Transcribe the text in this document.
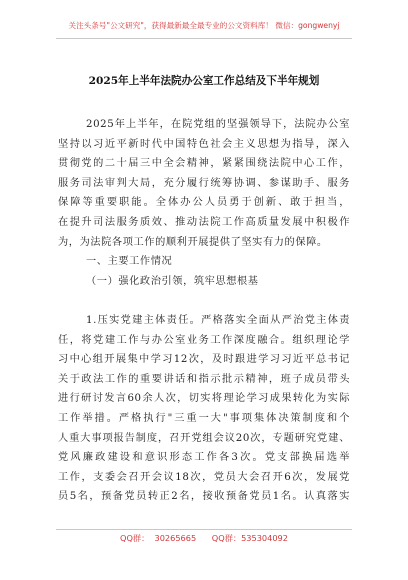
关注头条号"公文研究"，获得最新最全最专业的公文资料库！ 微信：gongwenyj
2025年上半年法院办公室工作总结及下半年规划
2025年上半年，在院党组的坚强领导下，法院办公室
坚持以习近平新时代中国特色社会主义思想为指导，深入
贯彻党的二十届三中全会精神，紧紧围绕法院中心工作，
服务司法审判大局，充分履行统筹协调、参谋助手、服务
保障等重要职能。全体办公人员勇于创新、敢于担当，
在提升司法服务质效、推动法院工作高质量发展中积极作
为，为法院各项工作的顺利开展提供了坚实有力的保障。
一、主要工作情况
（一）强化政治引领，筑牢思想根基
1.压实党建主体责任。严格落实全面从严治党主体责
任，将党建工作与办公室业务工作深度融合。组织理论学
习中心组开展集中学习12次，及时跟进学习习近平总书记
关于政法工作的重要讲话和指示批示精神，班子成员带头
进行研讨发言60余人次，切实将理论学习成果转化为实际
工作举措。严格执行"三重一大"事项集体决策制度和个
人重大事项报告制度，召开党组会议20次，专题研究党建、
党风廉政建设和意识形态工作各3次。党支部换届选举
工作，支委会召开会议18次，党员大会召开6次，发展党
员5名，预备党员转正2名，接收预备党员1名。认真落实
QQ群：  30265665      QQ群：535304092
